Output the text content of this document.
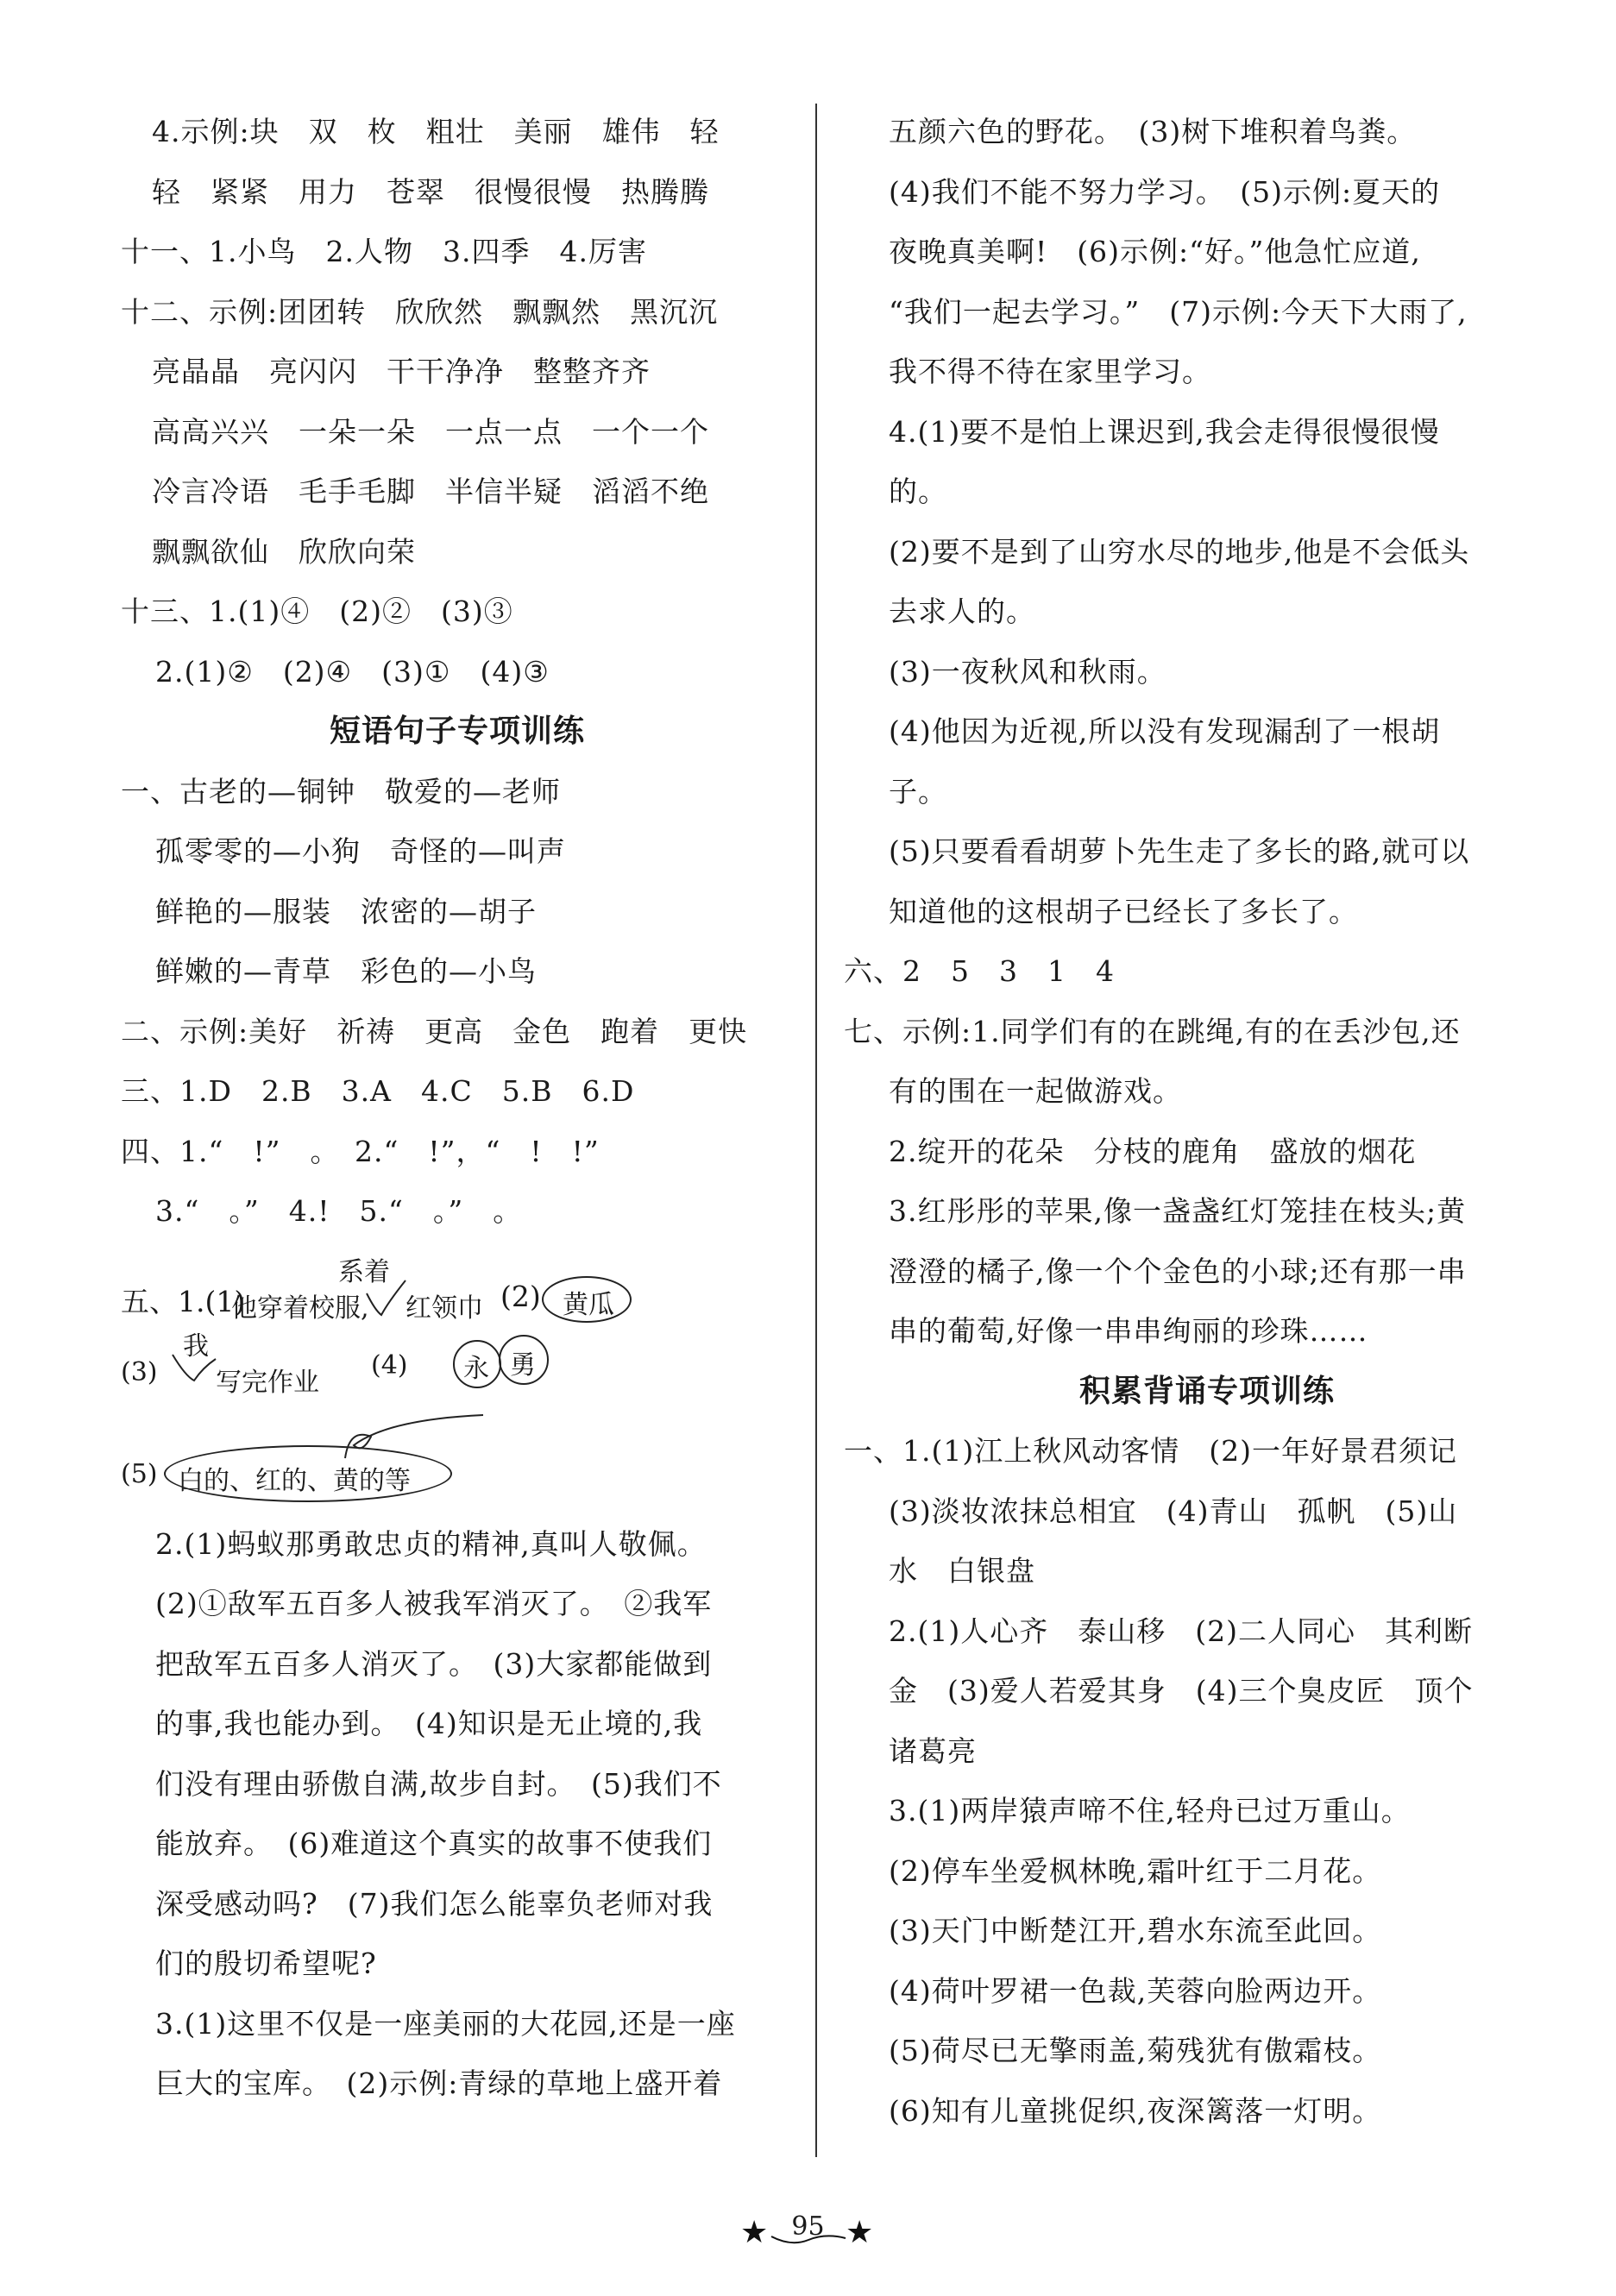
4.示例:块　双　枚　粗壮　美丽　雄伟　轻
轻　紧紧　用力　苍翠　很慢很慢　热腾腾
十一、1.小鸟　2.人物　3.四季　4.厉害
十二、示例:团团转　欣欣然　飘飘然　黑沉沉
亮晶晶　亮闪闪　干干净净　整整齐齐
高高兴兴　一朵一朵　一点一点　一个一个
冷言冷语　毛手毛脚　半信半疑　滔滔不绝
飘飘欲仙　欣欣向荣
十三、1.(1)④　(2)②　(3)③
2.(1)②　(2)④　(3)①　(4)③
短语句子专项训练
一、古老的—铜钟　敬爱的—老师
孤零零的—小狗　奇怪的—叫声
鲜艳的—服装　浓密的—胡子
鲜嫩的—青草　彩色的—小鸟
二、示例:美好　祈祷　更高　金色　跑着　更快
三、1.D　2.B　3.A　4.C　5.B　6.D
四、1.“　!”　。　2.“　!”，“　!　!”
3.“　。”　4.!　5.“　。”　。
五、1.(1)
他穿着校服,
系着
红领巾 (2) 黄瓜
(3)
我
写完作业
(4) 永 勇
(5) 白的、红的、黄的等
2.(1)蚂蚁那勇敢忠贞的精神,真叫人敬佩。
(2)①敌军五百多人被我军消灭了。　②我军
把敌军五百多人消灭了。　(3)大家都能做到
的事,我也能办到。　(4)知识是无止境的,我
们没有理由骄傲自满,故步自封。　(5)我们不
能放弃。　(6)难道这个真实的故事不使我们
深受感动吗?　(7)我们怎么能辜负老师对我
们的殷切希望呢?
3.(1)这里不仅是一座美丽的大花园,还是一座
巨大的宝库。　(2)示例:青绿的草地上盛开着
五颜六色的野花。　(3)树下堆积着鸟粪。
(4)我们不能不努力学习。　(5)示例:夏天的
夜晚真美啊!　(6)示例:“好。”他急忙应道,
“我们一起去学习。”　(7)示例:今天下大雨了,
我不得不待在家里学习。
4.(1)要不是怕上课迟到,我会走得很慢很慢
的。
(2)要不是到了山穷水尽的地步,他是不会低头
去求人的。
(3)一夜秋风和秋雨。
(4)他因为近视,所以没有发现漏刮了一根胡
子。
(5)只要看看胡萝卜先生走了多长的路,就可以
知道他的这根胡子已经长了多长了。
六、2　5　3　1　4
七、示例:1.同学们有的在跳绳,有的在丢沙包,还
有的围在一起做游戏。
2.绽开的花朵　分枝的鹿角　盛放的烟花
3.红彤彤的苹果,像一盏盏红灯笼挂在枝头;黄
澄澄的橘子,像一个个金色的小球;还有那一串
串的葡萄,好像一串串绚丽的珍珠……
积累背诵专项训练
一、1.(1)江上秋风动客情　(2)一年好景君须记
(3)淡妆浓抹总相宜　(4)青山　孤帆　(5)山
水　白银盘
2.(1)人心齐　泰山移　(2)二人同心　其利断
金　(3)爱人若爱其身　(4)三个臭皮匠　顶个
诸葛亮
3.(1)两岸猿声啼不住,轻舟已过万重山。
(2)停车坐爱枫林晚,霜叶红于二月花。
(3)天门中断楚江开,碧水东流至此回。
(4)荷叶罗裙一色裁,芙蓉向脸两边开。
(5)荷尽已无擎雨盖,菊残犹有傲霜枝。
(6)知有儿童挑促织,夜深篱落一灯明。
★ 95 ★
